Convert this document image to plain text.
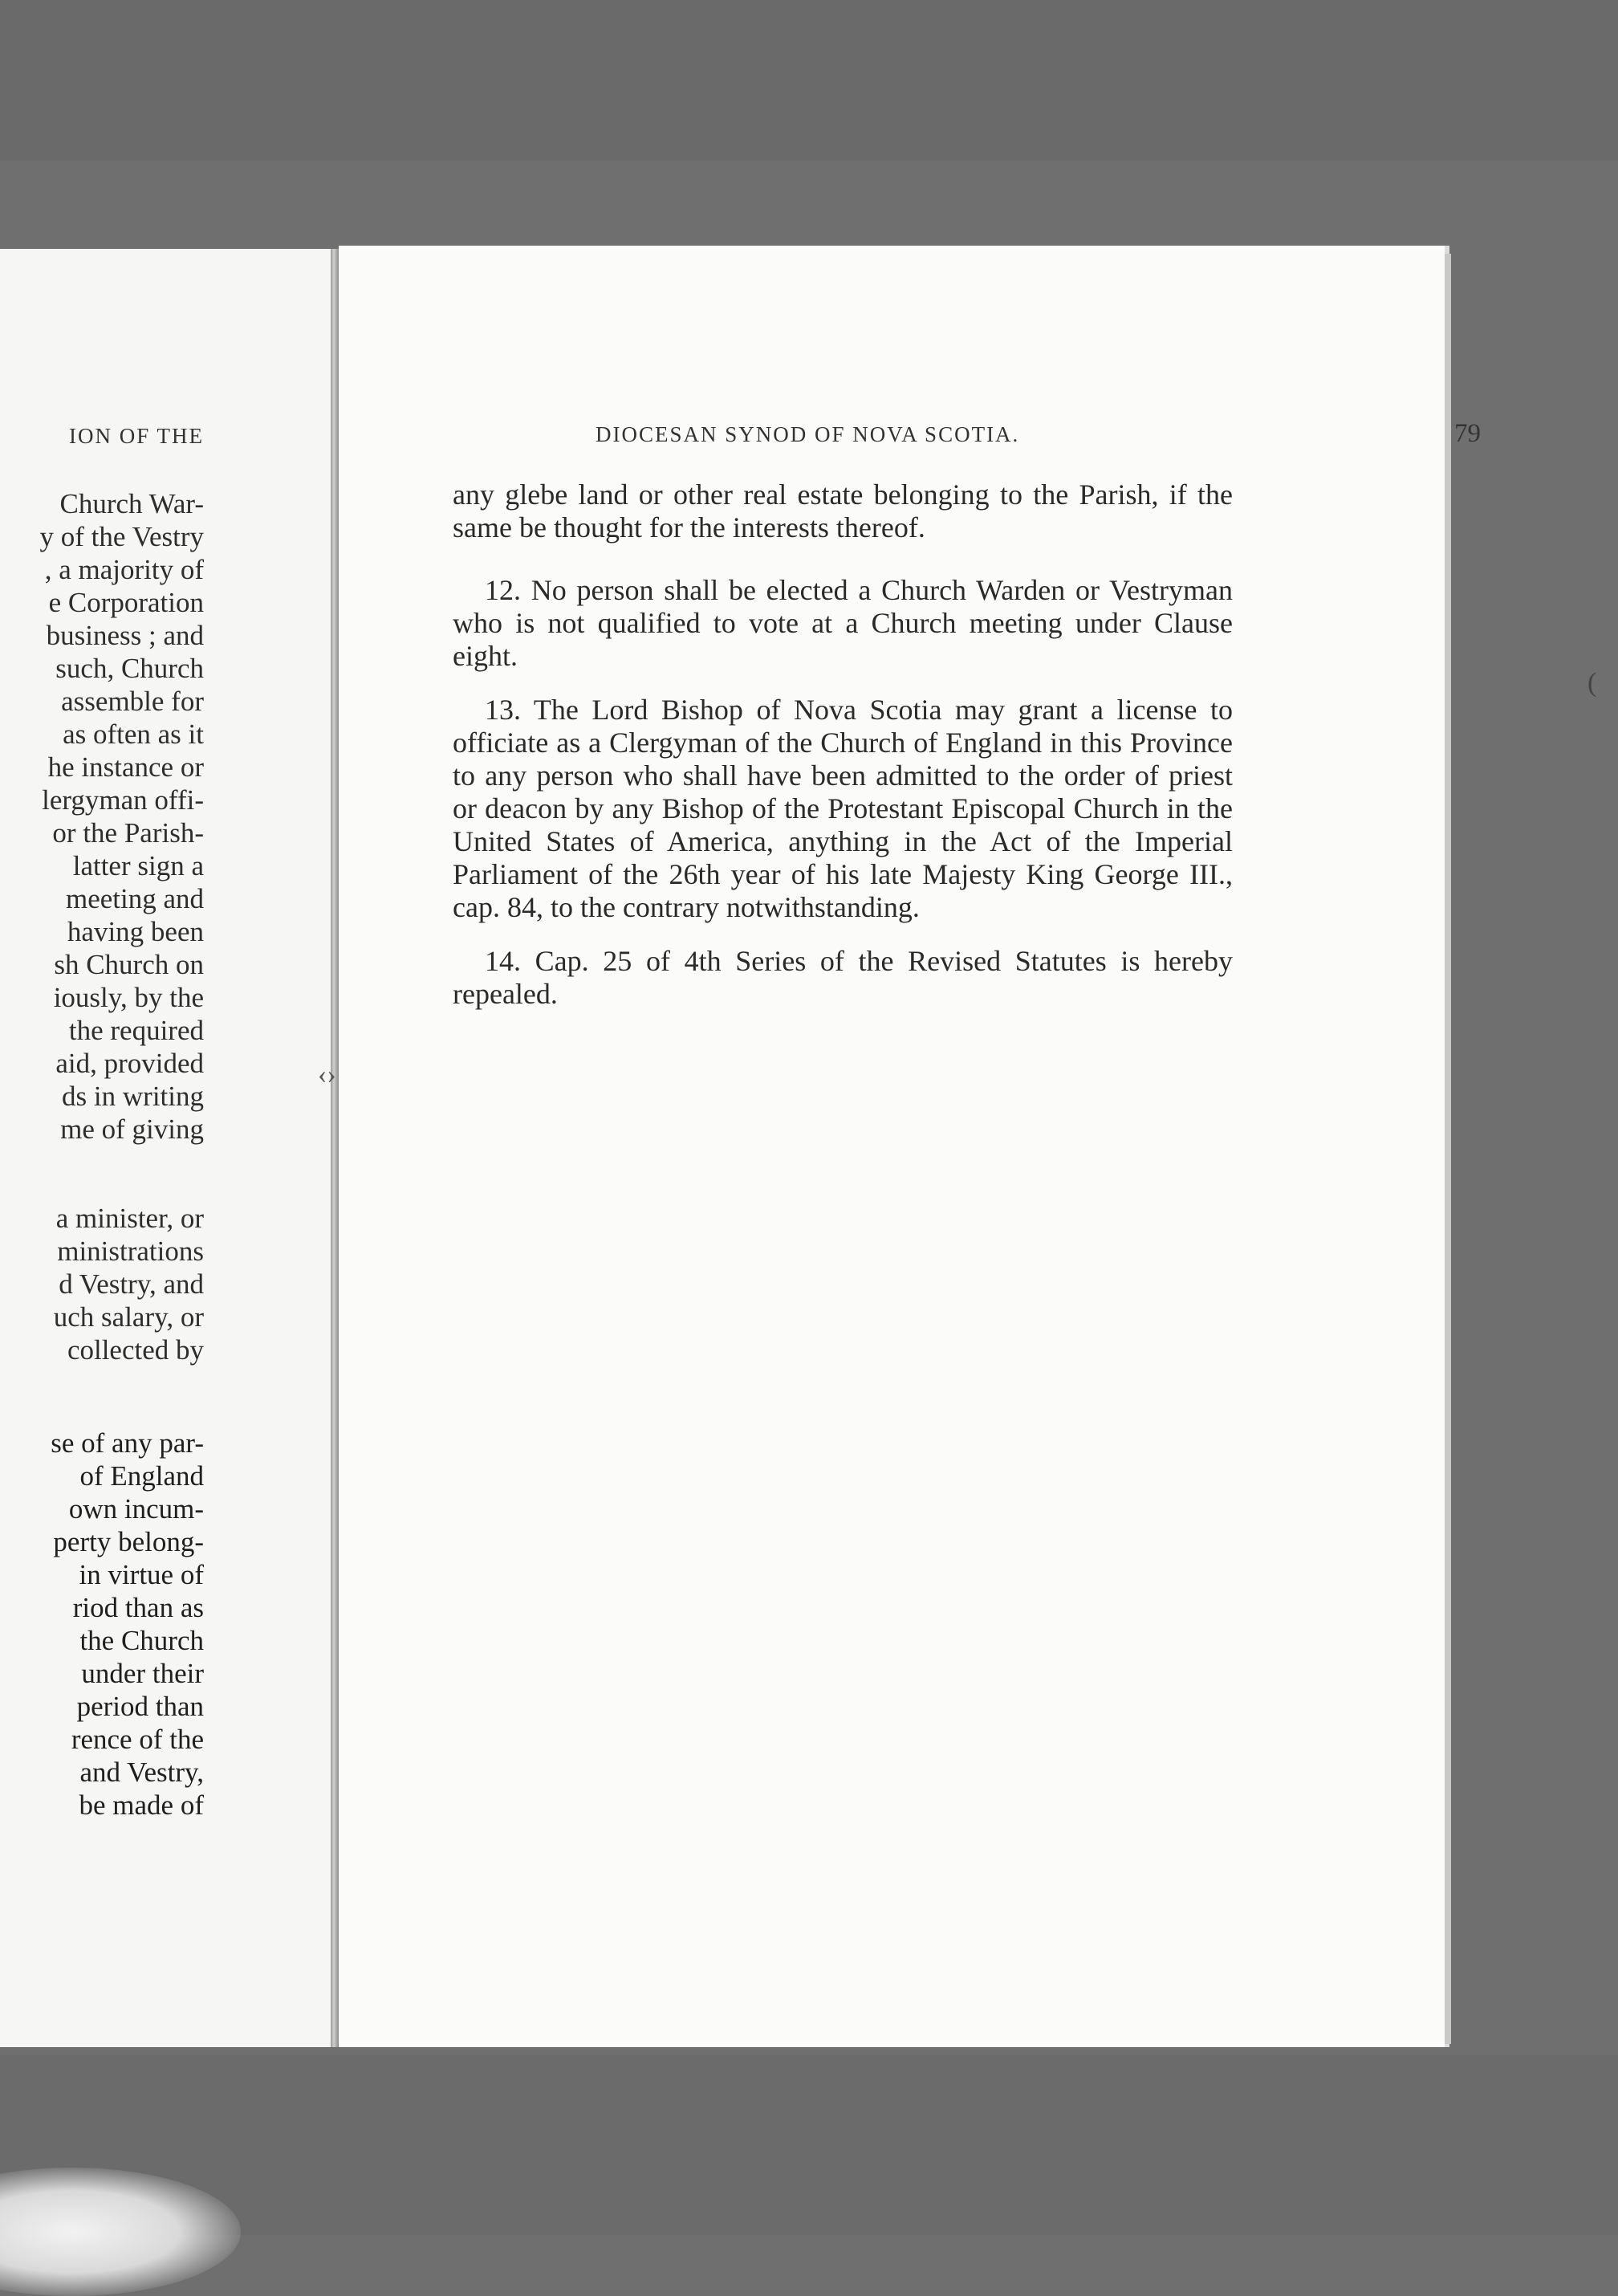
ION OF THE
Church War-
y of the Vestry
, a majority of
e Corporation
business ; and
such, Church
assemble for
as often as it
he instance or
lergyman offi-
or the Parish-
latter sign a
meeting and
having been
sh Church on
iously, by the
the required
aid, provided
ds in writing
me of giving
a minister, or
ministrations
d Vestry, and
uch salary, or
collected by
se of any par-
of England
own incum-
perty belong-
in virtue of
riod than as
the Church
under their
period than
rence of the
and Vestry,
be made of
‹›
DIOCESAN SYNOD OF NOVA SCOTIA.	79

any glebe land or other real estate belonging to the Parish, if the same be thought for the interests thereof.

12. No person shall be elected a Church Warden or Vestryman who is not qualified to vote at a Church meeting under Clause eight.

13. The Lord Bishop of Nova Scotia may grant a license to officiate as a Clergyman of the Church of England in this Province to any person who shall have been admitted to the order of priest or deacon by any Bishop of the Protestant Episcopal Church in the United States of America, anything in the Act of the Imperial Parliament of the 26th year of his late Majesty King George III., cap. 84, to the contrary notwithstanding.

14. Cap. 25 of 4th Series of the Revised Statutes is hereby repealed.

(
